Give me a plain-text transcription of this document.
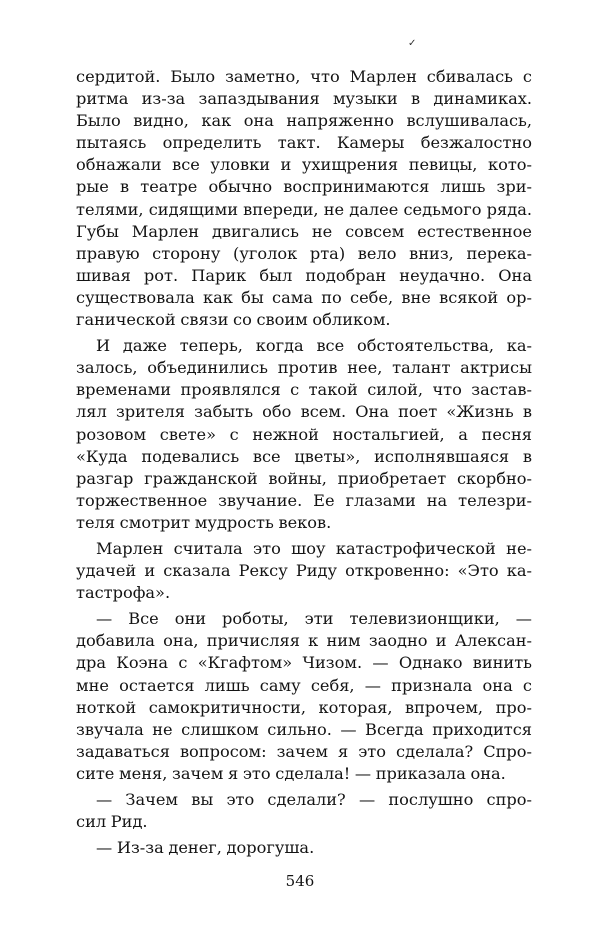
✓

сердитой. Было заметно, что Марлен сбивалась с
ритма из-за запаздывания музыки в динамиках.
Было видно, как она напряженно вслушивалась,
пытаясь определить такт. Камеры безжалостно
обнажали все уловки и ухищрения певицы, кото-
рые в театре обычно воспринимаются лишь зри-
телями, сидящими впереди, не далее седьмого ряда.
Губы Марлен двигались не совсем естественное
правую сторону (уголок рта) вело вниз, перека-
шивая рот. Парик был подобран неудачно. Она
существовала как бы сама по себе, вне всякой ор-
ганической связи со своим обликом.

И даже теперь, когда все обстоятельства, ка-
залось, объединились против нее, талант актрисы
временами проявлялся с такой силой, что застав-
лял зрителя забыть обо всем. Она поет «Жизнь в
розовом свете» с нежной ностальгией, а песня
«Куда подевались все цветы», исполнявшаяся в
разгар гражданской войны, приобретает скорбно-
торжественное звучание. Ее глазами на телезри-
теля смотрит мудрость веков.

Марлен считала это шоу катастрофической не-
удачей и сказала Рексу Риду откровенно: «Это ка-
тастрофа».

— Все они роботы, эти телевизионщики, —
добавила она, причисляя к ним заодно и Алексан-
дра Коэна с «Кгафтом» Чизом. — Однако винить
мне остается лишь саму себя, — признала она с
ноткой самокритичности, которая, впрочем, про-
звучала не слишком сильно. — Всегда приходится
задаваться вопросом: зачем я это сделала? Спро-
сите меня, зачем я это сделала! — приказала она.

— Зачем вы это сделали? — послушно спро-
сил Рид.

— Из-за денег, дорогуша.

546
